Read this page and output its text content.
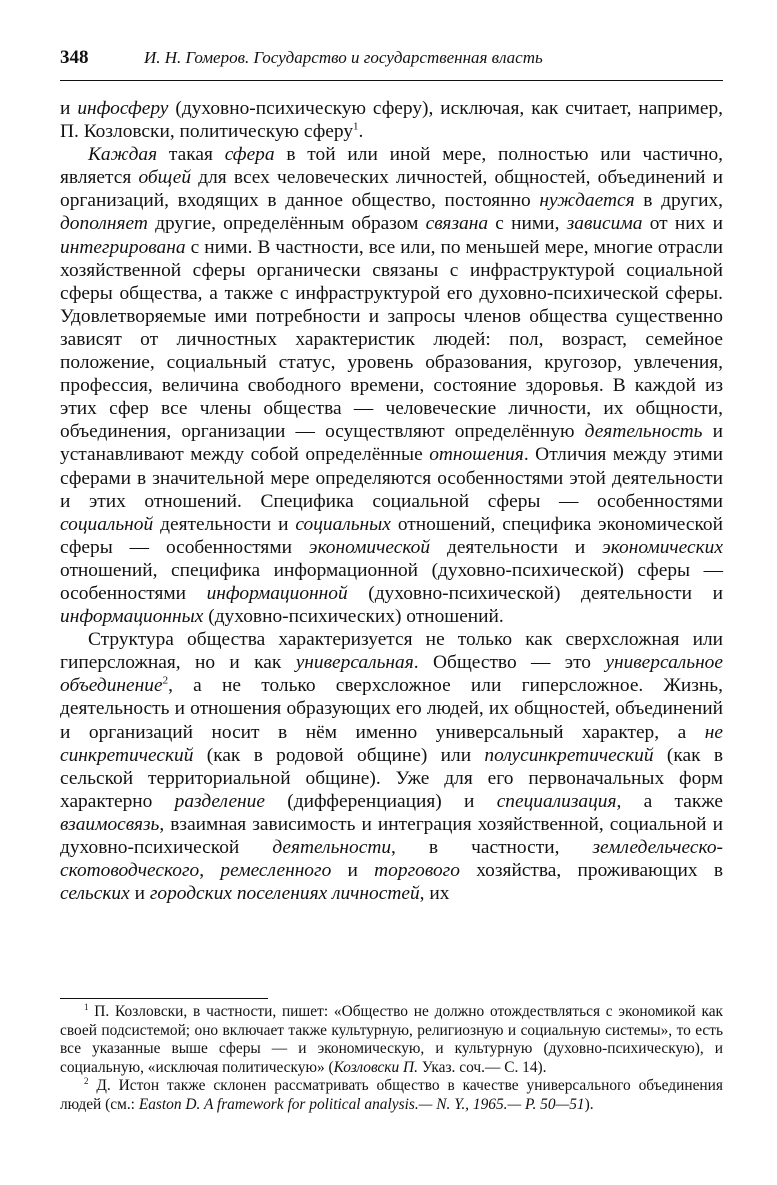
348	И. Н. Гомеров. Государство и государственная власть

и инфосферу (духовно-психическую сферу), исключая, как считает, например, П. Козловски, политическую сферу$^1$.

Каждая такая сфера в той или иной мере, полностью или частично, является общей для всех человеческих личностей, общностей, объединений и организаций, входящих в данное общество, постоянно нуждается в других, дополняет другие, определённым образом связана с ними, зависима от них и интегрирована с ними. В частности, все или, по меньшей мере, многие отрасли хозяйственной сферы органически связаны с инфраструктурой социальной сферы общества, а также с инфраструктурой его духовно-психической сферы. Удовлетворяемые ими потребности и запросы членов общества существенно зависят от личностных характеристик людей: пол, возраст, семейное положение, социальный статус, уровень образования, кругозор, увлечения, профессия, величина свободного времени, состояние здоровья. В каждой из этих сфер все члены общества — человеческие личности, их общности, объединения, организации — осуществляют определённую деятельность и устанавливают между собой определённые отношения. Отличия между этими сферами в значительной мере определяются особенностями этой деятельности и этих отношений. Специфика социальной сферы — особенностями социальной деятельности и социальных отношений, специфика экономической сферы — особенностями экономической деятельности и экономических отношений, специфика информационной (духовно-психической) сферы — особенностями информационной (духовно-психической) деятельности и информационных (духовно-психических) отношений.

Структура общества характеризуется не только как сверхсложная или гиперсложная, но и как универсальная. Общество — это универсальное объединение$^2$, а не только сверхсложное или гиперсложное. Жизнь, деятельность и отношения образующих его людей, их общностей, объединений и организаций носит в нём именно универсальный характер, а не синкретический (как в родовой общине) или полусинкретический (как в сельской территориальной общине). Уже для его первоначальных форм характерно разделение (дифференциация) и специализация, а также взаимосвязь, взаимная зависимость и интеграция хозяйственной, социальной и духовно-психической деятельности, в частности, земледельческо-скотоводческого, ремесленного и торгового хозяйства, проживающих в сельских и городских поселениях личностей, их

$^1$ П. Козловски, в частности, пишет: «Общество не должно отождествляться с экономикой как своей подсистемой; оно включает также культурную, религиозную и социальную системы», то есть все указанные выше сферы — и экономическую, и культурную (духовно-психическую), и социальную, «исключая политическую» (Козловски П. Указ. соч.— С. 14).

$^2$ Д. Истон также склонен рассматривать общество в качестве универсального объединения людей (см.: Easton D. A framework for political analysis.— N. Y., 1965.— P. 50—51).
